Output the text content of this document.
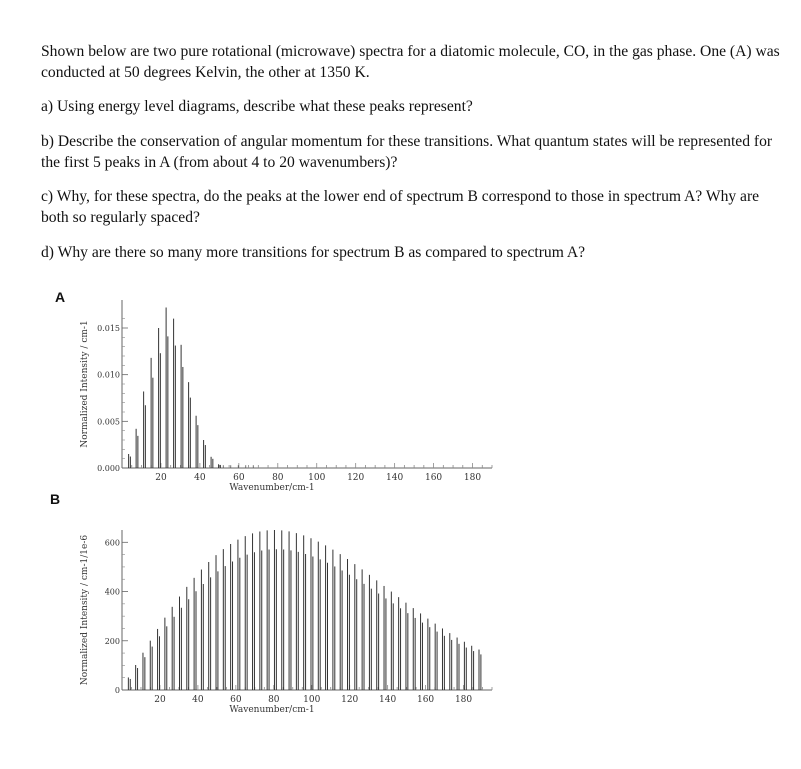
Shown below are two pure rotational (microwave) spectra for a diatomic molecule, CO, in the gas phase. One (A) was conducted at 50 degrees Kelvin, the other at 1350 K.

a) Using energy level diagrams, describe what these peaks represent?

b) Describe the conservation of angular momentum for these transitions. What quantum states will be represented for the first 5 peaks in A (from about 4 to 20 wavenumbers)?

c) Why, for these spectra, do the peaks at the lower end of spectrum B correspond to those in spectrum A? Why are both so regularly spaced?

d) Why are there so many more transitions for spectrum B as compared to spectrum A?

A
B
20	40	60	80	100 120 140 160 180
0.000
0.005
0.010
0.015
Wavenumber/cm-1
Normalized Intensity / cm-1
20	40	60	80	100 120 140 160 180
0
200
400
600
Wavenumber/cm-1
Normalized Intensity / cm-1/1e-6
